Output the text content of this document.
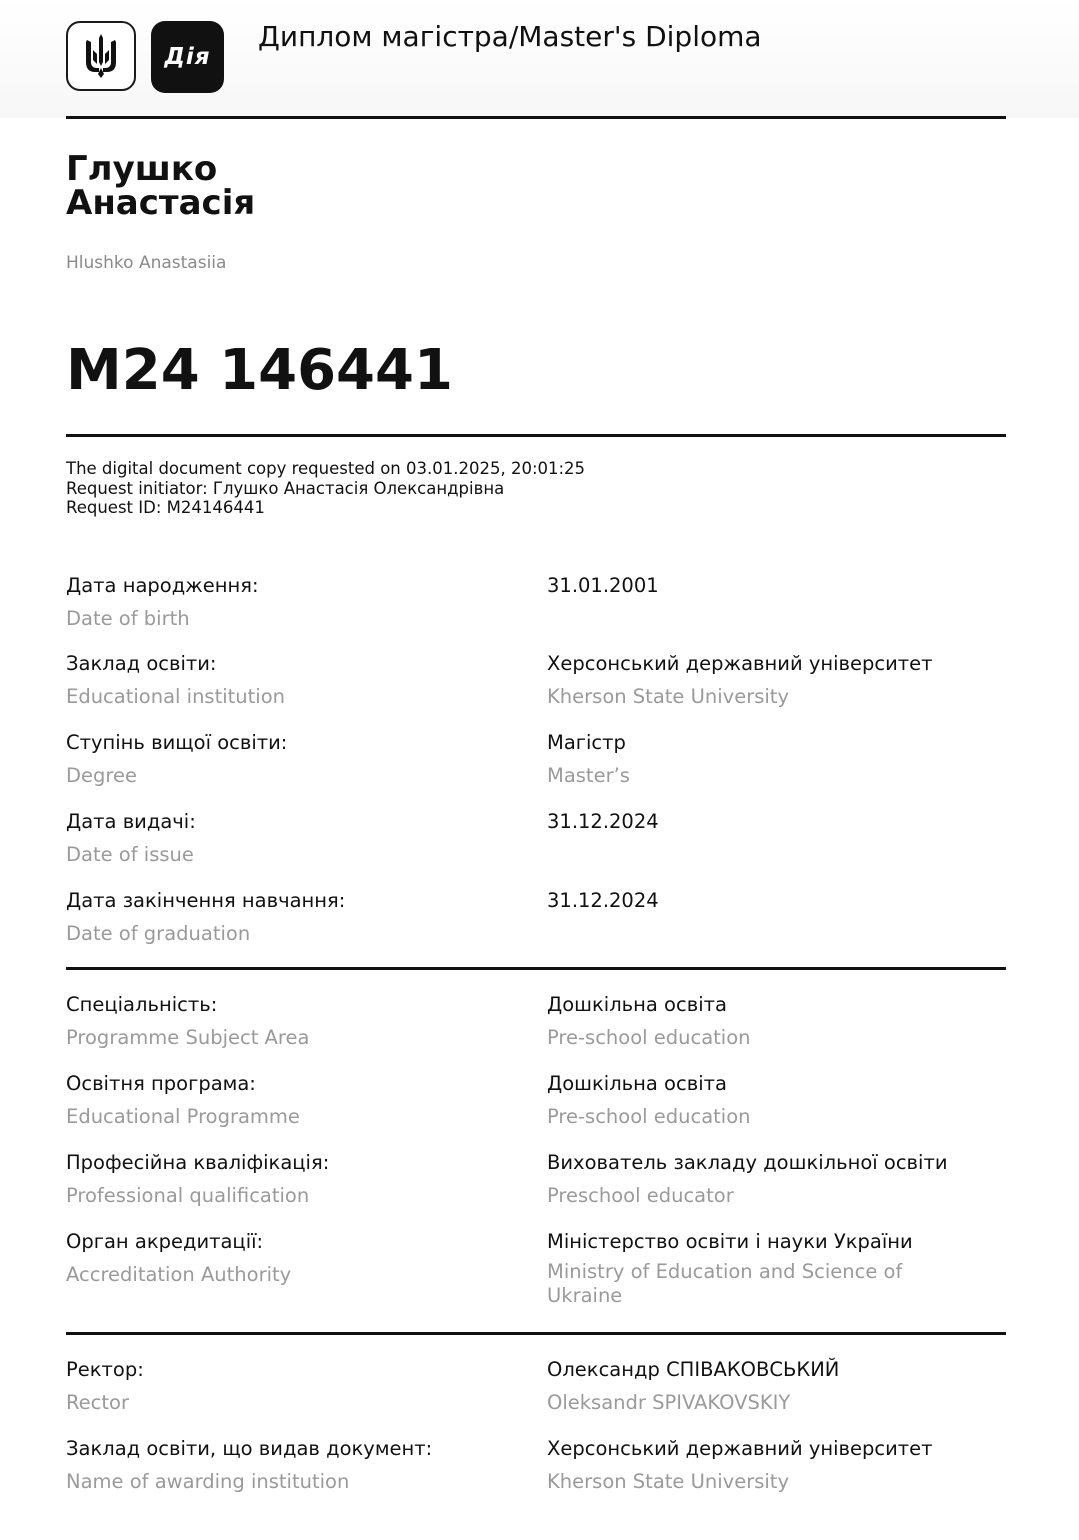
Дія
Диплом магістра/Master's Diploma
Глушко
Анастасія
Hlushko Anastasiia
M24 146441
The digital document copy requested on 03.01.2025, 20:01:25
Request initiator: Глушко Анастасія Олександрівна
Request ID: M24146441
Дата народження:
Date of birth
31.01.2001
Заклад освіти:
Educational institution
Херсонський державний університет
Kherson State University
Ступінь вищої освіти:
Degree
Магістр
Master’s
Дата видачі:
Date of issue
31.12.2024
Дата закінчення навчання:
Date of graduation
31.12.2024
Спеціальність:
Programme Subject Area
Дошкільна освіта
Pre-school education
Освітня програма:
Educational Programme
Дошкільна освіта
Pre-school education
Професійна кваліфікація:
Professional qualification
Вихователь закладу дошкільної освіти
Preschool educator
Орган акредитації:
Accreditation Authority
Міністерство освіти і науки України
Ministry of Education and Science of
Ukraine
Ректор:
Rector
Олександр СПІВАКОВСЬКИЙ
Oleksandr SPIVAKOVSKIY
Заклад освіти, що видав документ:
Name of awarding institution
Херсонський державний університет
Kherson State University
